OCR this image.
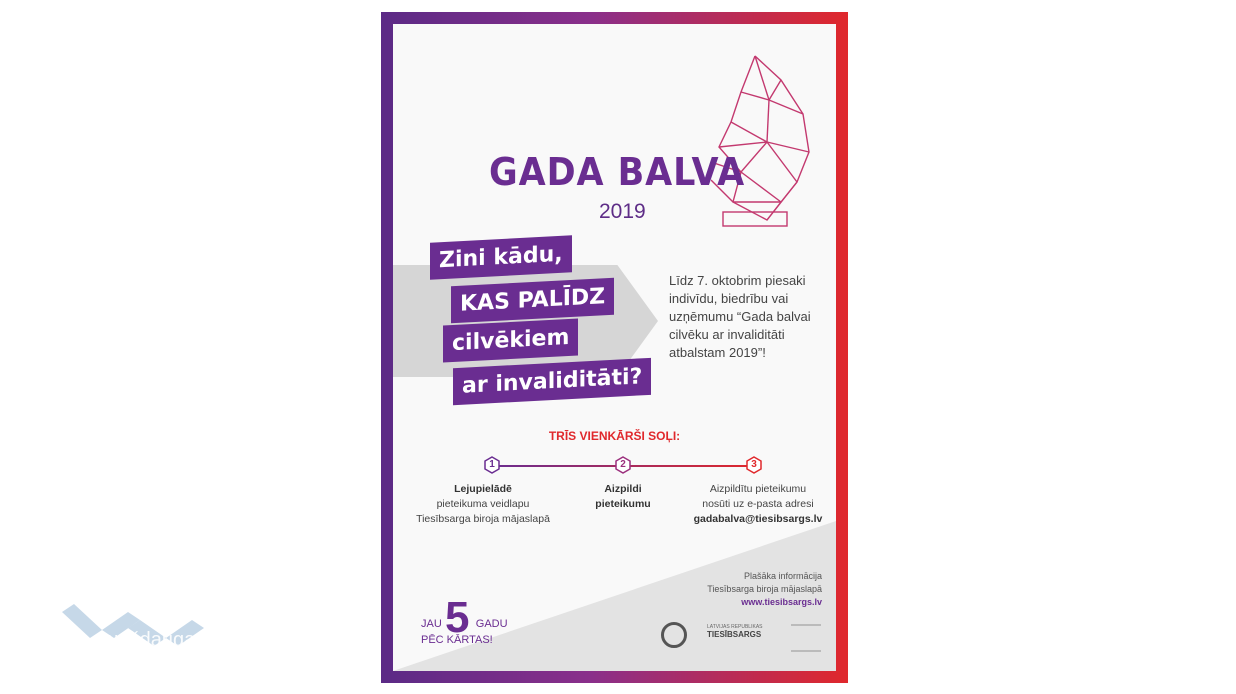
GADA BALVA
2019
Zini kādu,
KAS PALĪDZ
cilvēkiem
ar invaliditāti?
Līdz 7. oktobrim piesaki indivīdu, biedrību vai uzņēmumu “Gada balvai cilvēku ar invaliditāti atbalstam 2019”!
TRĪS VIENKĀRŠI SOĻI:
1	2	3
Lejupielādē
pieteikuma veidlapu
Tiesībsarga biroja mājaslapā
Aizpildi
pieteikumu
Aizpildītu pieteikumu
nosūti uz e-pasta adresi
gadabalva@tiesibsargs.lv
Plašāka informācija
Tiesībsarga biroja mājaslapā
www.tiesibsargs.lv
5
JAU	GADU
PĒC KĀRTAS!
LATVIJAS REPUBLIKAS
TIESĪBSARGS
Augšdaugavas novads
